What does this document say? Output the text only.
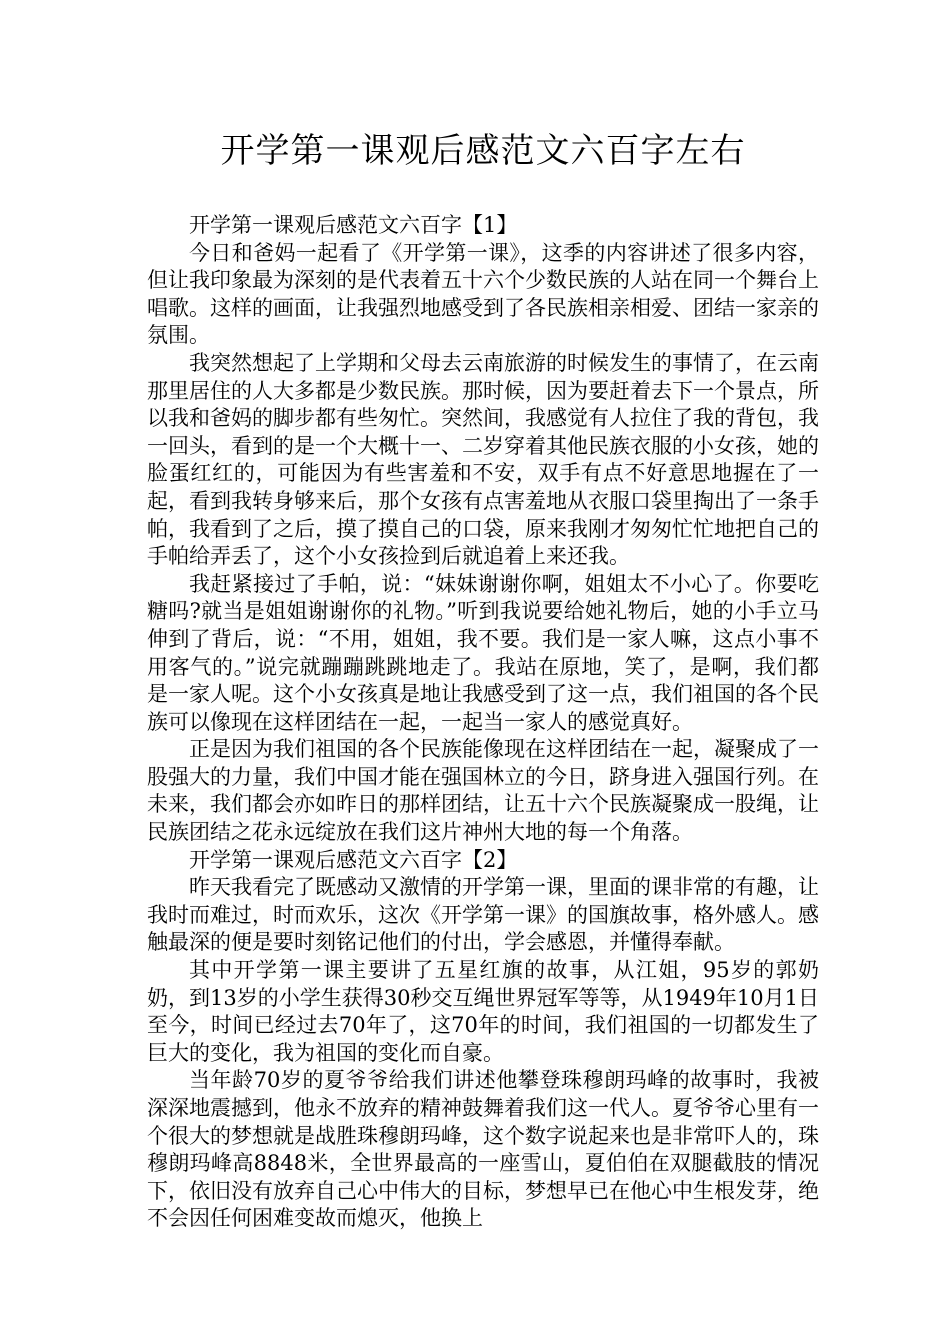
开学第一课观后感范文六百字左右

开学第一课观后感范文六百字【1】

今日和爸妈一起看了《开学第一课》，这季的内容讲述了很多内容，但让我印象最为深刻的是代表着五十六个少数民族的人站在同一个舞台上唱歌。这样的画面，让我强烈地感受到了各民族相亲相爱、团结一家亲的氛围。

我突然想起了上学期和父母去云南旅游的时候发生的事情了，在云南那里居住的人大多都是少数民族。那时候，因为要赶着去下一个景点，所以我和爸妈的脚步都有些匆忙。突然间，我感觉有人拉住了我的背包，我一回头，看到的是一个大概十一、二岁穿着其他民族衣服的小女孩，她的脸蛋红红的，可能因为有些害羞和不安，双手有点不好意思地握在了一起，看到我转身够来后，那个女孩有点害羞地从衣服口袋里掏出了一条手帕，我看到了之后，摸了摸自己的口袋，原来我刚才匆匆忙忙地把自己的手帕给弄丢了，这个小女孩捡到后就追着上来还我。

我赶紧接过了手帕，说：“妹妹谢谢你啊，姐姐太不小心了。你要吃糖吗?就当是姐姐谢谢你的礼物。”听到我说要给她礼物后，她的小手立马伸到了背后，说：“不用，姐姐，我不要。我们是一家人嘛，这点小事不用客气的。”说完就蹦蹦跳跳地走了。我站在原地，笑了，是啊，我们都是一家人呢。这个小女孩真是地让我感受到了这一点，我们祖国的各个民族可以像现在这样团结在一起，一起当一家人的感觉真好。

正是因为我们祖国的各个民族能像现在这样团结在一起，凝聚成了一股强大的力量，我们中国才能在强国林立的今日，跻身进入强国行列。在未来，我们都会亦如昨日的那样团结，让五十六个民族凝聚成一股绳，让民族团结之花永远绽放在我们这片神州大地的每一个角落。

开学第一课观后感范文六百字【2】

昨天我看完了既感动又激情的开学第一课，里面的课非常的有趣，让我时而难过，时而欢乐，这次《开学第一课》的国旗故事，格外感人。感触最深的便是要时刻铭记他们的付出，学会感恩，并懂得奉献。

其中开学第一课主要讲了五星红旗的故事，从江姐，95岁的郭奶奶，到13岁的小学生获得30秒交互绳世界冠军等等，从1949年10月1日至今，时间已经过去70年了，这70年的时间，我们祖国的一切都发生了巨大的变化，我为祖国的变化而自豪。

当年龄70岁的夏爷爷给我们讲述他攀登珠穆朗玛峰的故事时，我被深深地震撼到，他永不放弃的精神鼓舞着我们这一代人。夏爷爷心里有一个很大的梦想就是战胜珠穆朗玛峰，这个数字说起来也是非常吓人的，珠穆朗玛峰高8848米，全世界最高的一座雪山，夏伯伯在双腿截肢的情况下，依旧没有放弃自己心中伟大的目标，梦想早已在他心中生根发芽，绝不会因任何困难变故而熄灭，他换上
